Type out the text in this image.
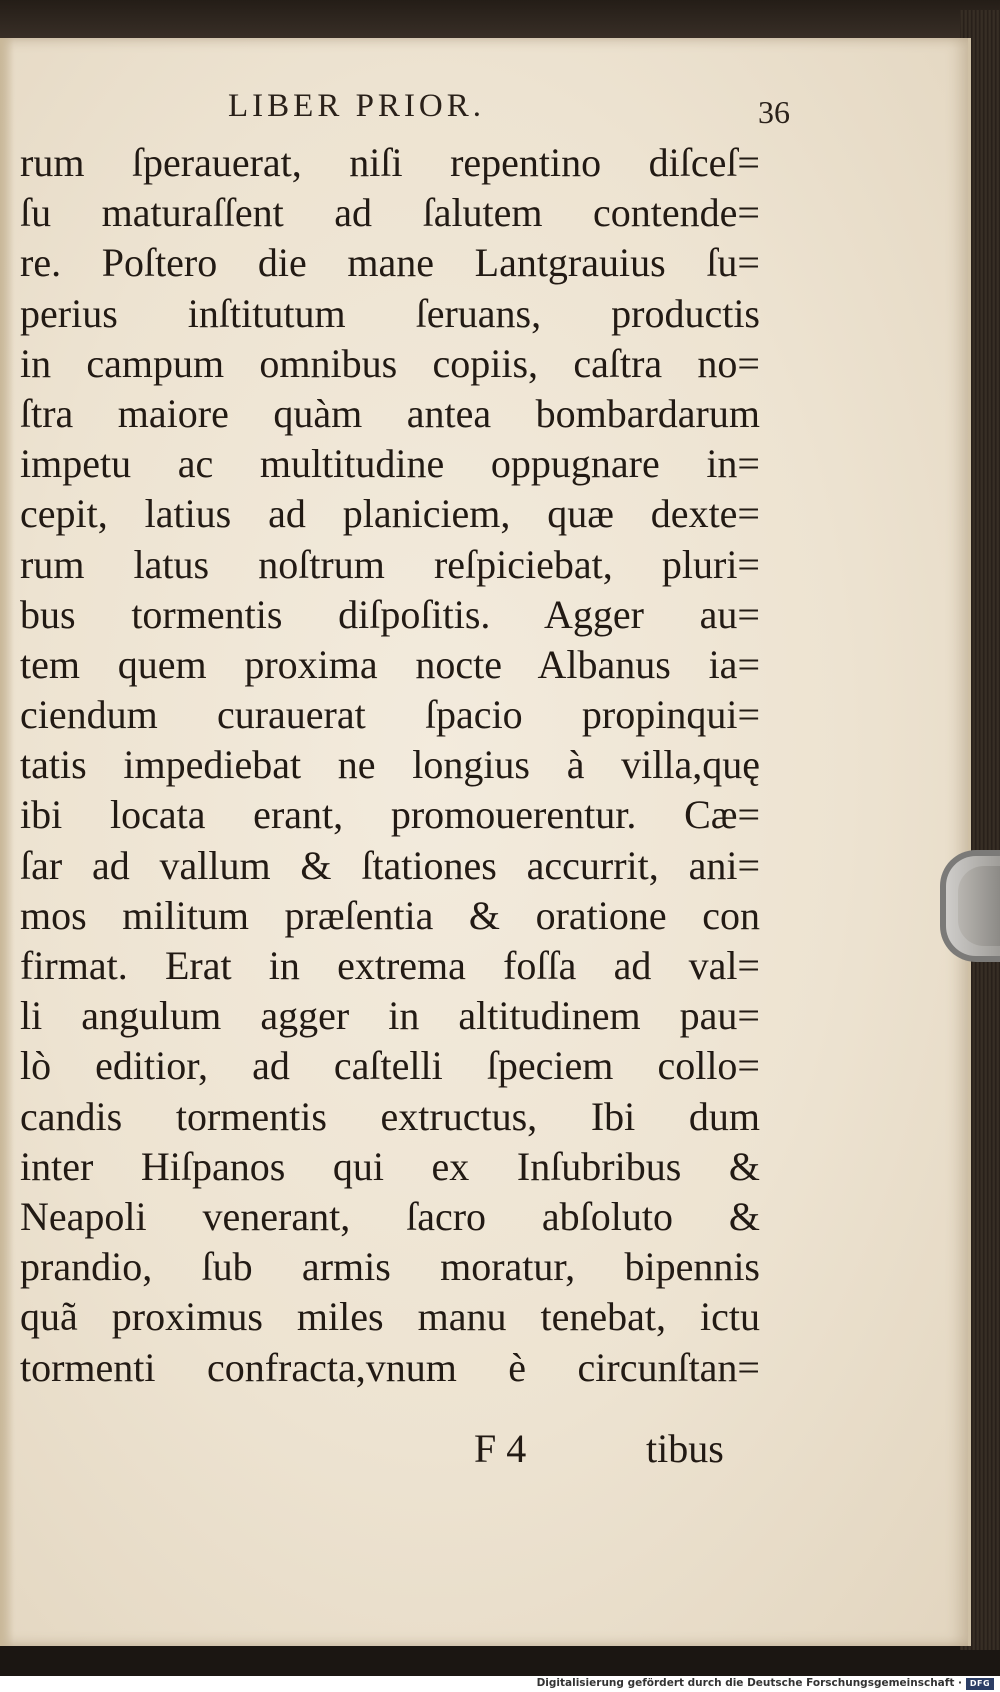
LIBER PRIOR.	36
rum ſperauerat, niſi repentino diſceſ=
ſu maturaſſent ad ſalutem contende=
re. Poſtero die mane Lantgrauius ſu=
perius inſtitutum ſeruans, productis
in campum omnibus copiis, caſtra no=
ſtra maiore quàm antea bombardarum
impetu ac multitudine oppugnare in=
cepit, latius ad planiciem, quæ dexte=
rum latus noſtrum reſpiciebat, pluri=
bus tormentis diſpoſitis. Agger au=
tem quem proxima nocte Albanus ia=
ciendum curauerat ſpacio propinqui=
tatis impediebat ne longius à villa,quę
ibi locata erant, promouerentur. Cæ=
ſar ad vallum & ſtationes accurrit, ani=
mos militum præſentia & oratione con
firmat. Erat in extrema foſſa ad val=
li angulum agger in altitudinem pau=
lò editior, ad caſtelli ſpeciem collo=
candis tormentis extructus, Ibi dum
inter Hiſpanos qui ex Inſubribus &
Neapoli venerant, ſacro abſoluto &
prandio, ſub armis moratur, bipennis
quã proximus miles manu tenebat, ictu
tormenti confracta,vnum è circunſtan=
F 4	tibus
Digitalisierung gefördert durch die Deutsche Forschungsgemeinschaft · DFG
